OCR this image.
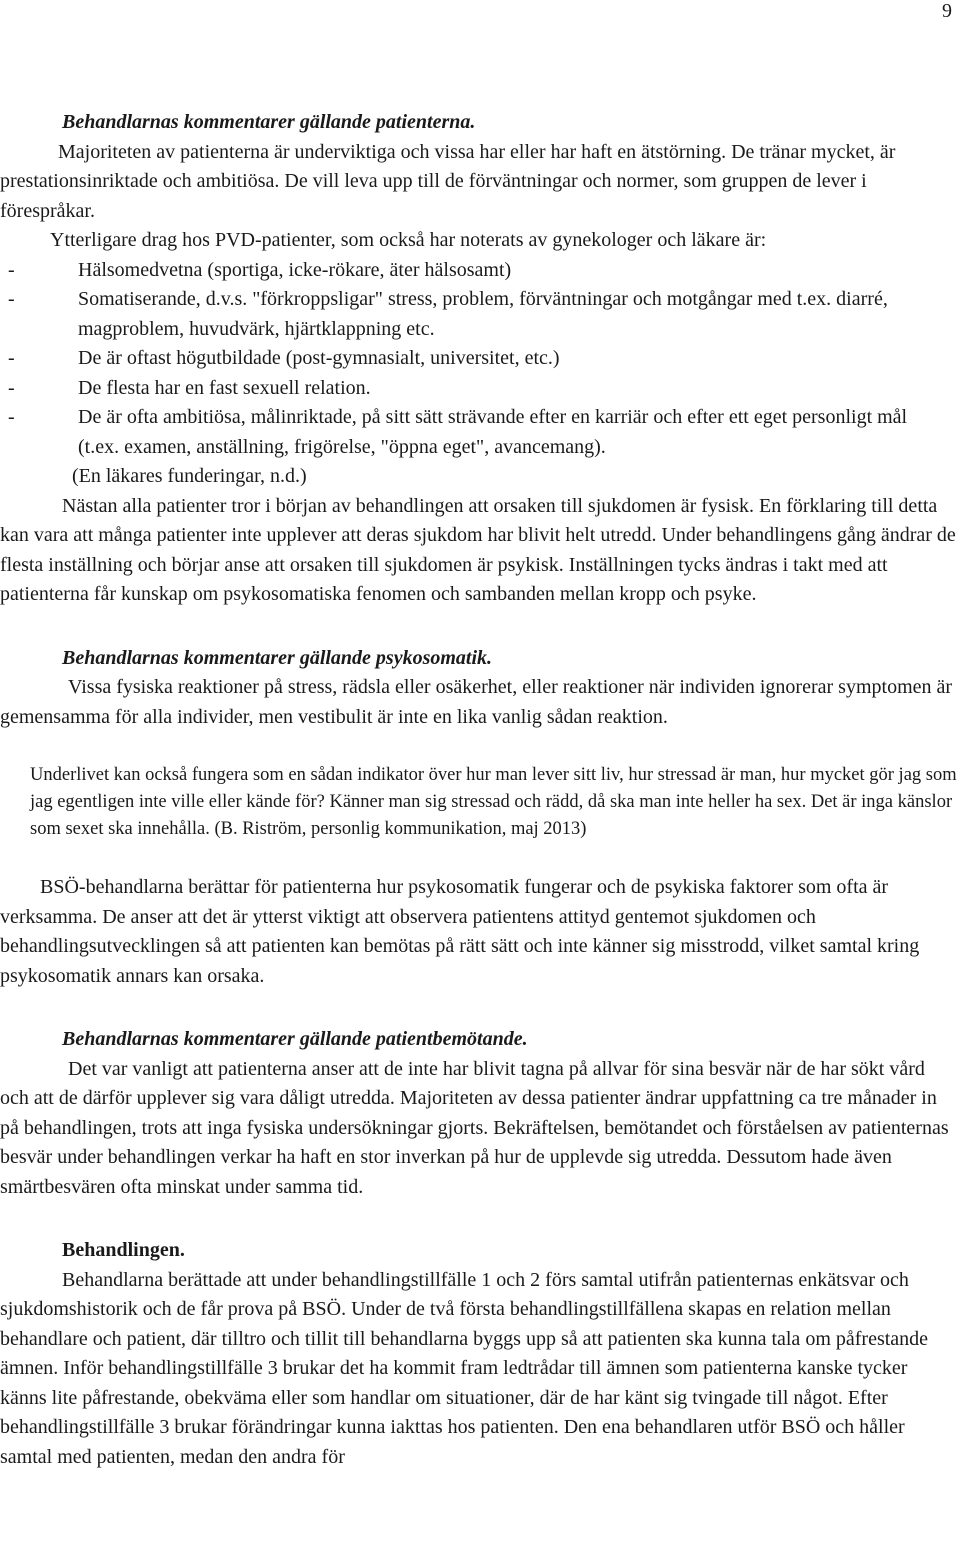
9

Behandlarnas kommentarer gällande patienterna.

Majoriteten av patienterna är underviktiga och vissa har eller har haft en ätstörning. De tränar mycket, är prestationsinriktade och ambitiösa. De vill leva upp till de förväntningar och normer, som gruppen de lever i förespråkar.

Ytterligare drag hos PVD-patienter, som också har noterats av gynekologer och läkare är:

-	Hälsomedvetna (sportiga, icke-rökare, äter hälsosamt)
-	Somatiserande, d.v.s. "förkroppsligar" stress, problem, förväntningar och motgångar med t.ex. diarré, magproblem, huvudvärk, hjärtklappning etc.
-	De är oftast högutbildade (post-gymnasialt, universitet, etc.)
-	De flesta har en fast sexuell relation.
-	De är ofta ambitiösa, målinriktade, på sitt sätt strävande efter en karriär och efter ett eget personligt mål (t.ex. examen, anställning, frigörelse, "öppna eget", avancemang).

(En läkares funderingar, n.d.)

Nästan alla patienter tror i början av behandlingen att orsaken till sjukdomen är fysisk. En förklaring till detta kan vara att många patienter inte upplever att deras sjukdom har blivit helt utredd. Under behandlingens gång ändrar de flesta inställning och börjar anse att orsaken till sjukdomen är psykisk. Inställningen tycks ändras i takt med att patienterna får kunskap om psykosomatiska fenomen och sambanden mellan kropp och psyke.

Behandlarnas kommentarer gällande psykosomatik.

Vissa fysiska reaktioner på stress, rädsla eller osäkerhet, eller reaktioner när individen ignorerar symptomen är gemensamma för alla individer, men vestibulit är inte en lika vanlig sådan reaktion.

Underlivet kan också fungera som en sådan indikator över hur man lever sitt liv, hur stressad är man, hur mycket gör jag som jag egentligen inte ville eller kände för? Känner man sig stressad och rädd, då ska man inte heller ha sex. Det är inga känslor som sexet ska innehålla. (B. Riström, personlig kommunikation, maj 2013)

BSÖ-behandlarna berättar för patienterna hur psykosomatik fungerar och de psykiska faktorer som ofta är verksamma. De anser att det är ytterst viktigt att observera patientens attityd gentemot sjukdomen och behandlingsutvecklingen så att patienten kan bemötas på rätt sätt och inte känner sig misstrodd, vilket samtal kring psykosomatik annars kan orsaka.

Behandlarnas kommentarer gällande patientbemötande.

Det var vanligt att patienterna anser att de inte har blivit tagna på allvar för sina besvär när de har sökt vård och att de därför upplever sig vara dåligt utredda. Majoriteten av dessa patienter ändrar uppfattning ca tre månader in på behandlingen, trots att inga fysiska undersökningar gjorts. Bekräftelsen, bemötandet och förståelsen av patienternas besvär under behandlingen verkar ha haft en stor inverkan på hur de upplevde sig utredda. Dessutom hade även smärtbesvären ofta minskat under samma tid.

Behandlingen.

Behandlarna berättade att under behandlingstillfälle 1 och 2 förs samtal utifrån patienternas enkätsvar och sjukdomshistorik och de får prova på BSÖ. Under de två första behandlingstillfällena skapas en relation mellan behandlare och patient, där tilltro och tillit till behandlarna byggs upp så att patienten ska kunna tala om påfrestande ämnen. Inför behandlingstillfälle 3 brukar det ha kommit fram ledtrådar till ämnen som patienterna kanske tycker känns lite påfrestande, obekväma eller som handlar om situationer, där de har känt sig tvingade till något. Efter behandlingstillfälle 3 brukar förändringar kunna iakttas hos patienten. Den ena behandlaren utför BSÖ och håller samtal med patienten, medan den andra för
